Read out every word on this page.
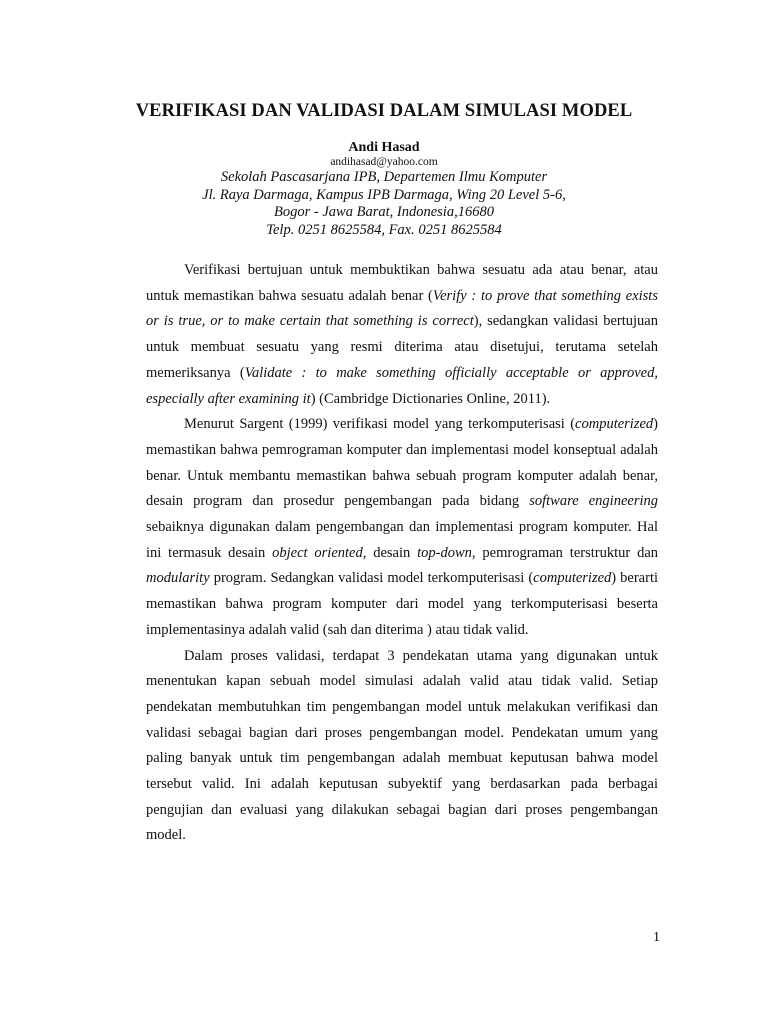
VERIFIKASI DAN VALIDASI DALAM SIMULASI MODEL
Andi Hasad
andihasad@yahoo.com
Sekolah Pascasarjana IPB, Departemen Ilmu Komputer
Jl. Raya Darmaga, Kampus IPB Darmaga, Wing 20 Level 5-6,
Bogor - Jawa Barat, Indonesia,16680
Telp. 0251 8625584, Fax. 0251 8625584

Verifikasi bertujuan untuk membuktikan bahwa sesuatu ada atau benar, atau untuk memastikan bahwa sesuatu adalah benar (Verify : to prove that something exists or is true, or to make certain that something is correct), sedangkan validasi bertujuan untuk membuat sesuatu yang resmi diterima atau disetujui, terutama setelah memeriksanya (Validate : to make something officially acceptable or approved, especially after examining it) (Cambridge Dictionaries Online, 2011).

Menurut Sargent (1999) verifikasi model yang terkomputerisasi (computerized) memastikan bahwa pemrograman komputer dan implementasi model konseptual adalah benar. Untuk membantu memastikan bahwa sebuah program komputer adalah benar, desain program dan prosedur pengembangan pada bidang software engineering sebaiknya digunakan dalam pengembangan dan implementasi program komputer. Hal ini termasuk desain object oriented, desain top-down, pemrograman terstruktur dan modularity program. Sedangkan validasi model terkomputerisasi (computerized) berarti memastikan bahwa program komputer dari model yang terkomputerisasi beserta implementasinya adalah valid (sah dan diterima ) atau tidak valid.

Dalam proses validasi, terdapat 3 pendekatan utama yang digunakan untuk menentukan kapan sebuah model simulasi adalah valid atau tidak valid. Setiap pendekatan membutuhkan tim pengembangan model untuk melakukan verifikasi dan validasi sebagai bagian dari proses pengembangan model. Pendekatan umum yang paling banyak untuk tim pengembangan adalah membuat keputusan bahwa model tersebut valid. Ini adalah keputusan subyektif yang berdasarkan pada berbagai pengujian dan evaluasi yang dilakukan sebagai bagian dari proses pengembangan model.

1
